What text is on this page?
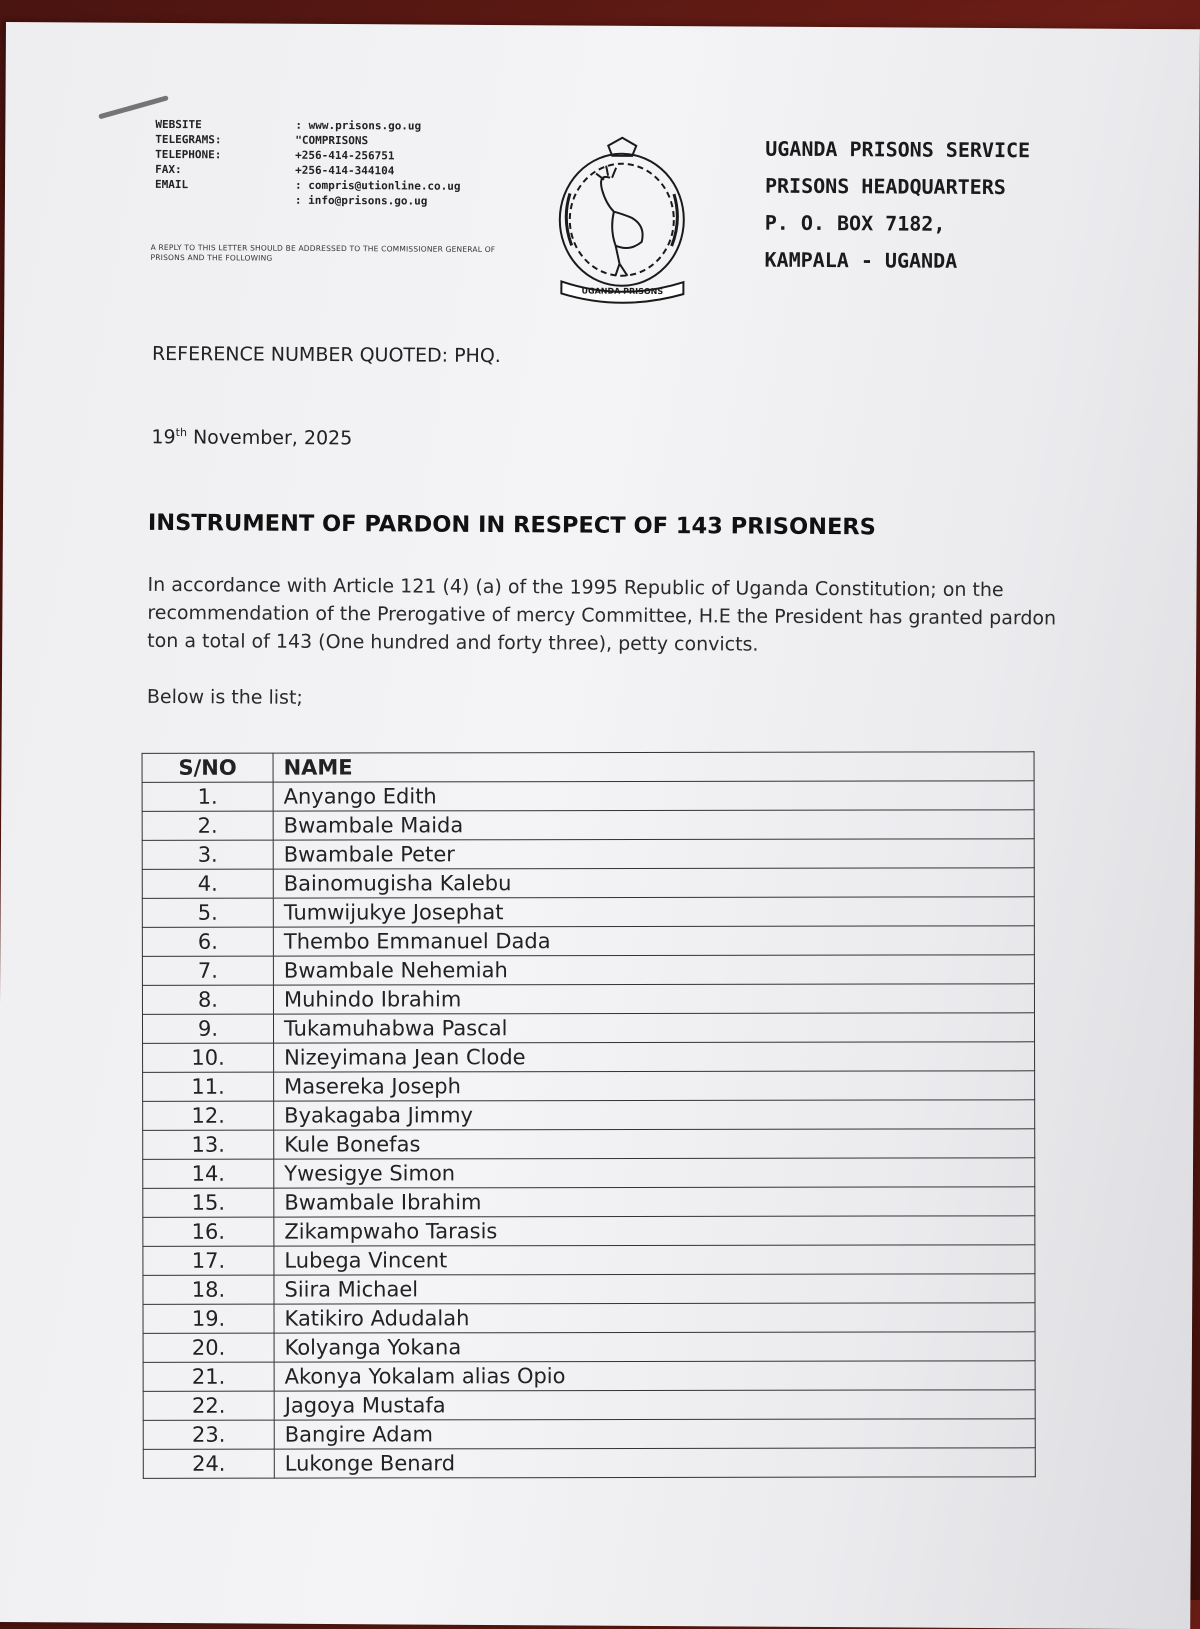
WEBSITE	: www.prisons.go.ug
TELEGRAMS:	"COMPRISONS
TELEPHONE:	+256-414-256751
FAX:	+256-414-344104
EMAIL	: compris@utionline.co.ug
: info@prisons.go.ug
A REPLY TO THIS LETTER SHOULD BE ADDRESSED TO THE COMMISSIONER GENERAL OF PRISONS AND THE FOLLOWING
UGANDA PRISONS
UGANDA PRISONS SERVICE
PRISONS HEADQUARTERS
P. O. BOX 7182,
KAMPALA - UGANDA
REFERENCE NUMBER QUOTED: PHQ.
19th November, 2025
INSTRUMENT OF PARDON IN RESPECT OF 143 PRISONERS
In accordance with Article 121 (4) (a) of the 1995 Republic of Uganda Constitution; on the recommendation of the Prerogative of mercy Committee, H.E the President has granted pardon ton a total of 143 (One hundred and forty three), petty convicts.
Below is the list;
S/NO	NAME
1.	Anyango Edith
2.	Bwambale Maida
3.	Bwambale Peter
4.	Bainomugisha Kalebu
5.	Tumwijukye Josephat
6.	Thembo Emmanuel Dada
7.	Bwambale Nehemiah
8.	Muhindo Ibrahim
9.	Tukamuhabwa Pascal
10.	Nizeyimana Jean Clode
11.	Masereka Joseph
12.	Byakagaba Jimmy
13.	Kule Bonefas
14.	Ywesigye Simon
15.	Bwambale Ibrahim
16.	Zikampwaho Tarasis
17.	Lubega Vincent
18.	Siira Michael
19.	Katikiro Adudalah
20.	Kolyanga Yokana
21.	Akonya Yokalam alias Opio
22.	Jagoya Mustafa
23.	Bangire Adam
24.	Lukonge Benard
